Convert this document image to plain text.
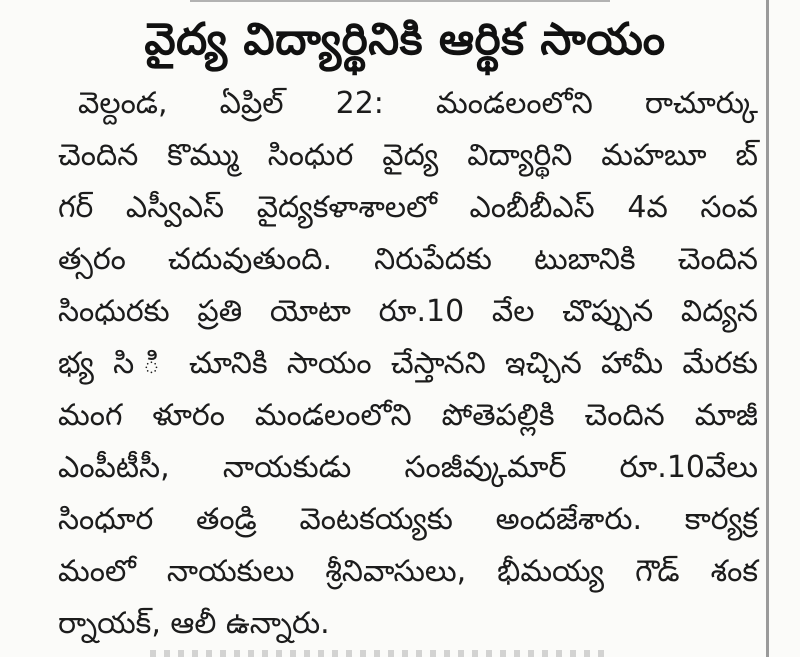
వైద్య విద్యార్థినికి ఆర్థిక సాయం
వెల్దండ, ఏప్రిల్ 22: మండలంలోని రాచూర్కు
చెందిన కొమ్ము సింధుర వైద్య విద్యార్థిని మహబూ బ్
గర్ ఎస్వీఎస్ వైద్యకళాశాలలో ఎంబీబీఎస్ 4వ సంవ
త్సరం చదువుతుంది. నిరుపేదకు టుబానికి చెందిన
సింధురకు ప్రతి యోటా రూ.10 వేల చొప్పున విద్యన
భ్య సి ి చూనికి సాయం చేస్తానని ఇచ్చిన హామీ మేరకు
మంగ ళూరం మండలంలోని పోతెపల్లికి చెందిన మాజీ
ఎంపీటీసీ, నాయకుడు సంజీవ్కుమార్ రూ.10వేలు
సింధూర తండ్రి వెంటకయ్యకు అందజేశారు. కార్యక్ర
మంలో నాయకులు శ్రీనివాసులు, భీమయ్య గౌడ్ శంక
ర్నాయక్, ఆలీ ఉన్నారు.
